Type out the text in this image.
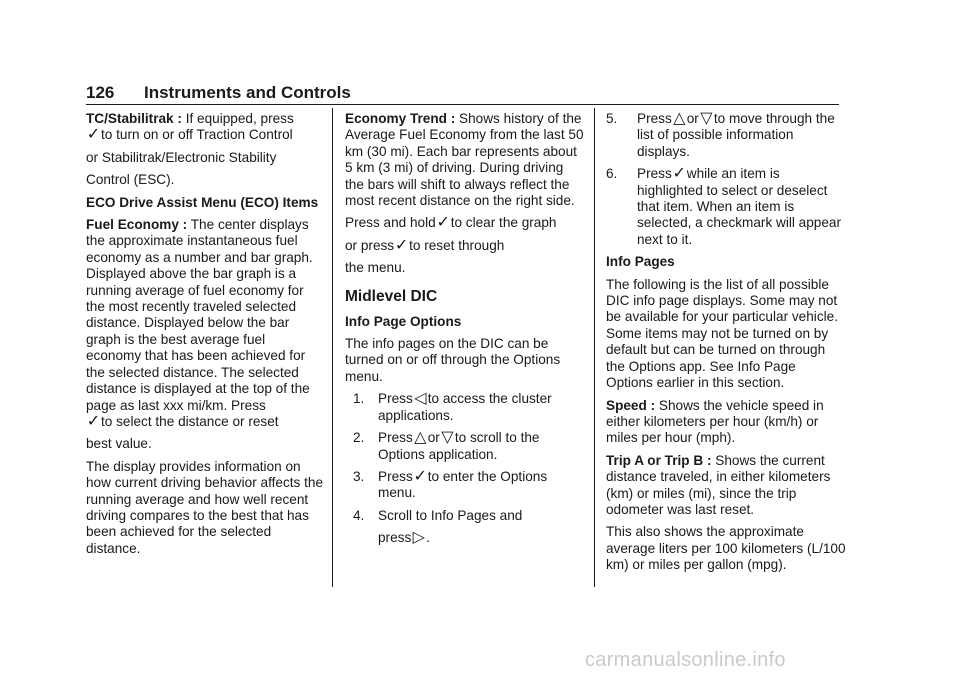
126 Instruments and Controls

TC/Stabilitrak : If equipped, press
✓to turn on or off Traction Control
or Stabilitrak/Electronic Stability
Control (ESC).

ECO Drive Assist Menu (ECO) Items

Fuel Economy : The center displays the approximate instantaneous fuel economy as a number and bar graph. Displayed above the bar graph is a running average of fuel economy for the most recently traveled selected distance. Displayed below the bar graph is the best average fuel economy that has been achieved for the selected distance. The selected distance is displayed at the top of the page as last xxx mi/km. Press
✓to select the distance or reset
best value.

The display provides information on how current driving behavior affects the running average and how well recent driving compares to the best that has been achieved for the selected distance.

Economy Trend : Shows history of the Average Fuel Economy from the last 50 km (30 mi). Each bar represents about 5 km (3 mi) of driving. During driving the bars will shift to always reflect the most recent distance on the right side.

Press and hold✓to clear the graph
or press✓to reset through
the menu.

Midlevel DIC

Info Page Options

The info pages on the DIC can be turned on or off through the Options menu.

1. Press◁to access the cluster applications.
2. Press△or▽to scroll to the Options application.
3. Press✓to enter the Options menu.
4. Scroll to Info Pages and
press▷.
5. Press△or▽to move through the list of possible information displays.
6. Press✓while an item is highlighted to select or deselect that item. When an item is selected, a checkmark will appear next to it.

Info Pages

The following is the list of all possible DIC info page displays. Some may not be available for your particular vehicle. Some items may not be turned on by default but can be turned on through the Options app. See Info Page Options earlier in this section.

Speed : Shows the vehicle speed in either kilometers per hour (km/h) or miles per hour (mph).

Trip A or Trip B : Shows the current distance traveled, in either kilometers (km) or miles (mi), since the trip odometer was last reset.

This also shows the approximate average liters per 100 kilometers (L/100 km) or miles per gallon (mpg).

carmanualsonline.info
